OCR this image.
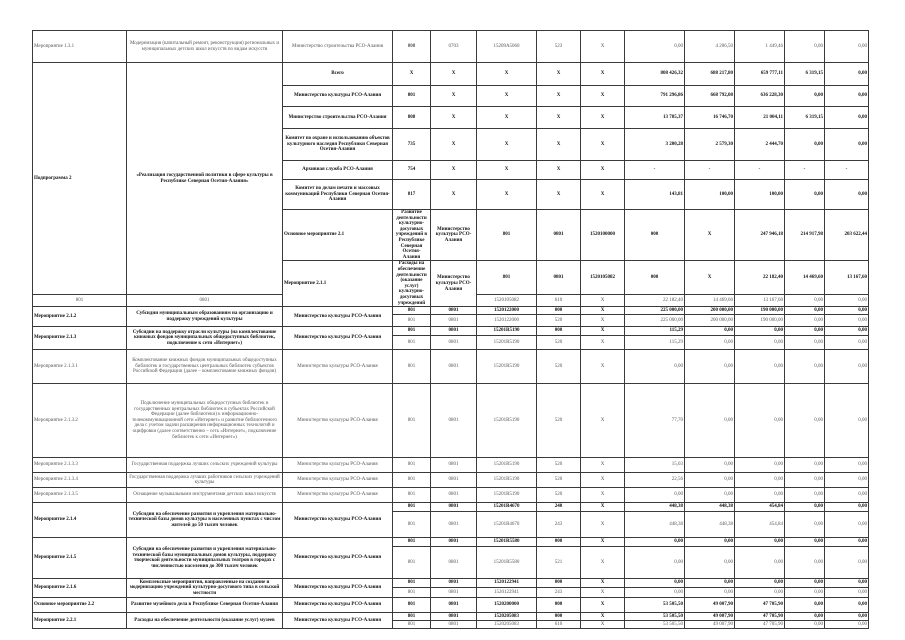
Мероприятие 1.3.1	Модернизация (капитальный ремонт, реконструкция) региональных и муниципальных детских школ искусств по видам искусств	Министерство строительства РСО-Алания	808	0703	15209А5060	523	X	0,00	4 206,50	1 449,46	0,00	0,00	
Подпрограмма 2	«Реализация государственной политики в сфере культуры в Республике Северная Осетия-Алания»	Всего	X	X	X	X	X	808 426,32	688 217,80	659 777,11	6 319,15	0,00	
		Министерство культуры РСО-Алания	801	X	X	X	X	791 296,86	668 792,08	636 228,30	0,00	0,00	
		Министерство строительства РСО-Алания	808	X	X	X	X	13 785,37	16 746,70	21 004,11	6 319,15	0,00	
		Комитет по охране и использованию объектов культурного наследия Республики Северная Осетия-Алания	735	X	X	X	X	3 200,28	2 579,30	2 444,70	0,00	0,00	
		Архивная служба РСО-Алания	754	X	X	X	X	-	-	-	-	-	
		Комитет по делам печати и массовых коммуникаций Республики Северная Осетия-Алания	817	X	X	X	X	143,81	100,00	100,00	0,00	0,00	
		Основное мероприятие 2.1	Развитие деятельности культурно-досуговых учреждений в Республике Северная Осетия-Алания	Министерство культуры РСО-Алания	801	0801	1520100000	000	X	247 946,18	214 917,98	203 622,44		
		Мероприятие 2.1.1	Расходы на обеспечение деятельности (оказание услуг) культурно-досуговых учреждений	Министерство культуры РСО-Алания	801	0801	1520105082	000	X	22 182,40	14 469,60	13 167,60		
801	0801				1520105082	610	X	22 182,40	14 469,60	13 167,60	0,00	0,00	
Мероприятие 2.1.2	Субсидии муниципальным образованиям на организацию и поддержку учреждений культуры	Министерство культуры РСО-Алания	801	0801	1520122000	000	X	225 000,00	200 000,00	190 000,00	0,00	0,00	
			801	0801	1520122000	520	X	225 000,00	200 000,00	190 000,00	0,00	0,00	
Мероприятие 2.1.3	Субсидии на поддержку отрасли культуры (на комплектование книжных фондов муниципальных общедоступных библиотек, подключение к сети «Интернет»)	Министерство культуры РСО-Алания	801	0801	15201R5190	000	X	115,29	0,00	0,00	0,00	0,00	
			801	0801	15201R5190	520	X	115,29	0,00	0,00	0,00	0,00	
Мероприятие 2.1.3.1	Комплектование книжных фондов муниципальных общедоступных библиотек и государственных центральных библиотек субъектов Российской Федерации (далее – комплектование книжных фондов)	Министерство культуры РСО-Алания	801	0801	15201R5190	520	X	0,00	0,00	0,00	0,00	0,00	
Мероприятие 2.1.3.2	Подключение муниципальных общедоступных библиотек и государственных центральных библиотек в субъектах Российской Федерации (далее библиотеки) к информационно-телекоммуникационной сети «Интернет» и развитие библиотечного дела с учетом задачи расширения информационных технологий и оцифровки (далее соответственно – сеть «Интернет», подключение библиотек к сети «Интернет»)	Министерство культуры РСО-Алания	801	0801	15201R5190	520	X	77,70	0,00	0,00	0,00	0,00	
Мероприятие 2.1.3.3	Государственная поддержка лучших сельских учреждений культуры	Министерство культуры РСО-Алания	801	0801	15201R5190	520	X	15,03	0,00	0,00	0,00	0,00	
Мероприятие 2.1.3.4	Государственная поддержка лучших работников сельских учреждений культуры	Министерство культуры РСО-Алания	801	0801	15201R5190	520	X	22,56	0,00	0,00	0,00	0,00	
Мероприятие 2.1.3.5	Оснащение музыкальными инструментами детских школ искусств	Министерство культуры РСО-Алания	801	0801	15201R5190	520	X	0,00	0,00	0,00	0,00	0,00	
Мероприятие 2.1.4	Субсидии на обеспечение развития и укрепления материально-технической базы домов культуры в населенных пунктах с числом жителей до 50 тысяч человек	Министерство культуры РСО-Алания	801	0801	15201R4670	240	X	448,38	448,38	454,84	0,00	0,00	
			801	0801	15201R4670	243	X	448,38	448,38	454,84	0,00	0,00	
Мероприятие 2.1.5	Субсидии на обеспечение развития и укрепления материально-технической базы муниципальных домов культуры, поддержку творческой деятельности муниципальных театров в городах с численностью населения до 300 тысяч человек	Министерство культуры РСО-Алания	801	0801	15201R5580	000	X	0,00	0,00	0,00	0,00	0,00	
			801	0801	15201R5580	521	X	0,00	0,00	0,00	0,00	0,00	
Мероприятие 2.1.6	Комплексные мероприятия, направленные на создание и модернизацию учреждений культурно-досугового типа в сельской местности	Министерство культуры РСО-Алания	801	0801	1520122941	000	X	0,00	0,00	0,00	0,00	0,00	
			801	0801	1520122941	243	X	0,00	0,00	0,00	0,00	0,00	
Основное мероприятие 2.2	Развитие музейного дела в Республике Северная Осетия-Алания	Министерство культуры РСО-Алания	801	0801	1520200000	000	X	53 505,50	49 007,90	47 705,90	0,00	0,00	
Мероприятие 2.2.1	Расходы на обеспечение деятельности (оказание услуг) музеев	Министерство культуры РСО-Алания	801	0801	1520205083	000	X	53 505,50	49 007,90	47 705,90	0,00	0,00	
			801	0801	1520205083	610	X	53 505,50	49 007,90	47 705,90	0,00	0,00	
